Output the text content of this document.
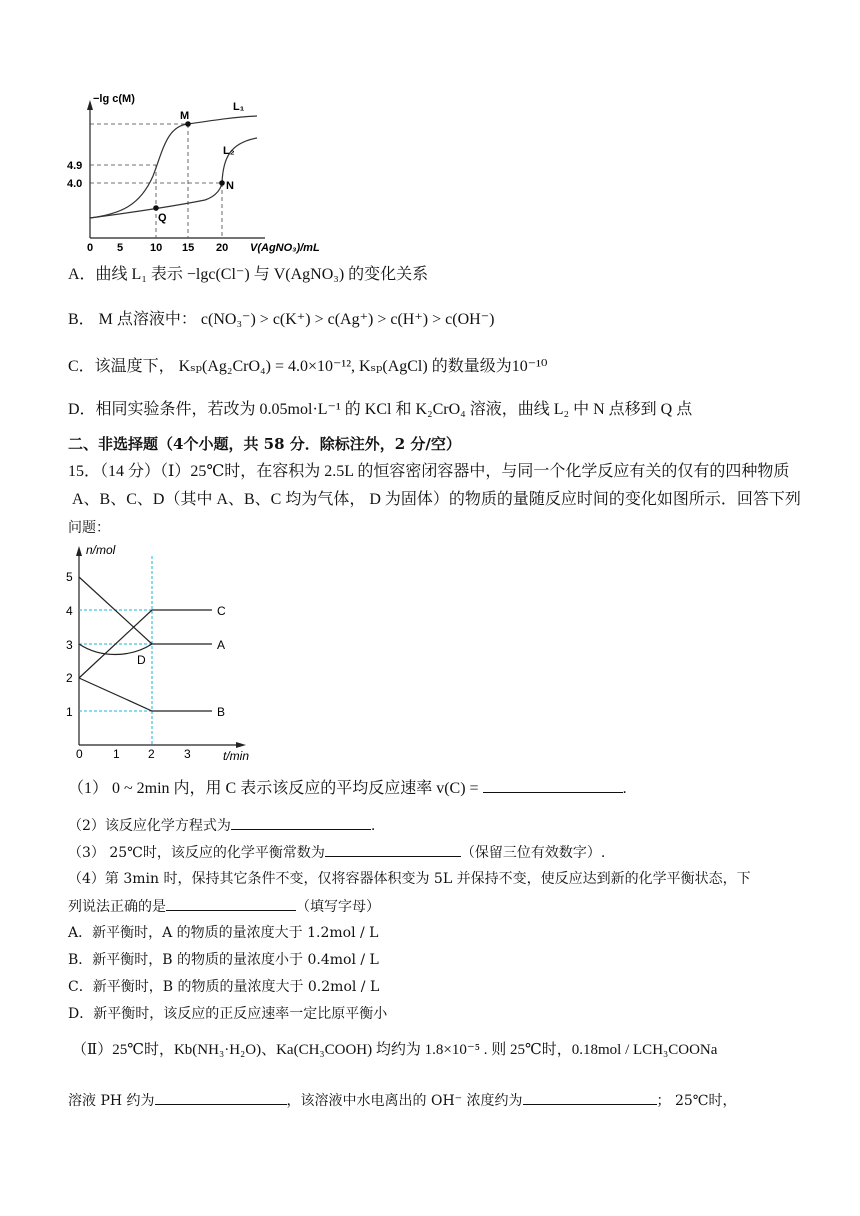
M
N
Q
L₁
L₂
−lg c(M)
4.9
4.0
0 5 10 15 20 V(AgNO₃)/mL
A．曲线 L₁ 表示 −lgc(Cl⁻) 与 V(AgNO₃) 的变化关系
B． M 点溶液中： c(NO₃⁻) > c(K⁺) > c(Ag⁺) > c(H⁺) > c(OH⁻)
C．该温度下， Kₛₚ(Ag₂CrO₄) = 4.0×10⁻¹², Kₛₚ(AgCl) 的数量级为10⁻¹⁰
D．相同实验条件，若改为 0.05mol·L⁻¹ 的 KCl 和 K₂CrO₄ 溶液，曲线 L₂ 中 N 点移到 Q 点
二、非选择题（4个小题，共 58 分．除标注外，2 分/空）
15．（14 分）（Ⅰ）25℃时，在容积为 2.5L 的恒容密闭容器中，与同一个化学反应有关的仅有的四种物质
A、B、C、D（其中 A、B、C 均为气体， D 为固体）的物质的量随反应时间的变化如图所示．回答下列
问题：
C
A
B
D
5
4
3
2
1
0	1 2 3	t/min
n/mol
（1） 0 ~ 2min 内，用 C 表示该反应的平均反应速率 v(C) =	.
（2）该反应化学方程式为	.
（3） 25℃时，该反应的化学平衡常数为	（保留三位有效数字）.
（4）第 3min 时，保持其它条件不变，仅将容器体积变为 5L 并保持不变，使反应达到新的化学平衡状态，下
列说法正确的是	（填写字母）
A．新平衡时，A 的物质的量浓度大于 1.2mol / L
B．新平衡时，B 的物质的量浓度小于 0.4mol / L
C．新平衡时，B 的物质的量浓度大于 0.2mol / L
D．新平衡时，该反应的正反应速率一定比原平衡小
（Ⅱ）25℃时，Kb(NH₃·H₂O)、Ka(CH₃COOH) 均约为 1.8×10⁻⁵ . 则 25℃时，0.18mol / LCH₃COONa
溶液 PH 约为	，该溶液中水电离出的 OH⁻ 浓度约为	； 25℃时，
